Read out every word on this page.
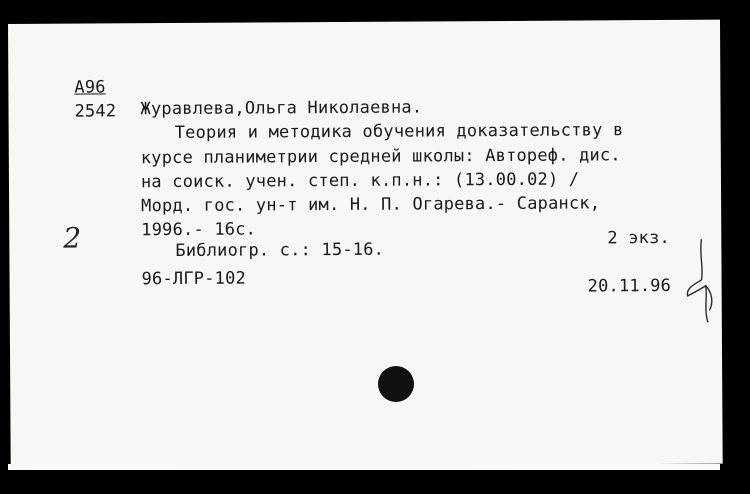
А96
2542 Журавлева,Ольга Николаевна.
Теория и методика обучения доказательству в
курсе планиметрии средней школы: Автореф. дис.
на соиск. учен. степ. к.п.н.: (13.00.02) /
Морд. гос. ун-т им. Н. П. Огарева.- Саранск,
1996.- 16с.
Библиогр. с.: 15-16.
2 экз.
96-ЛГР-102	20.11.96
2
